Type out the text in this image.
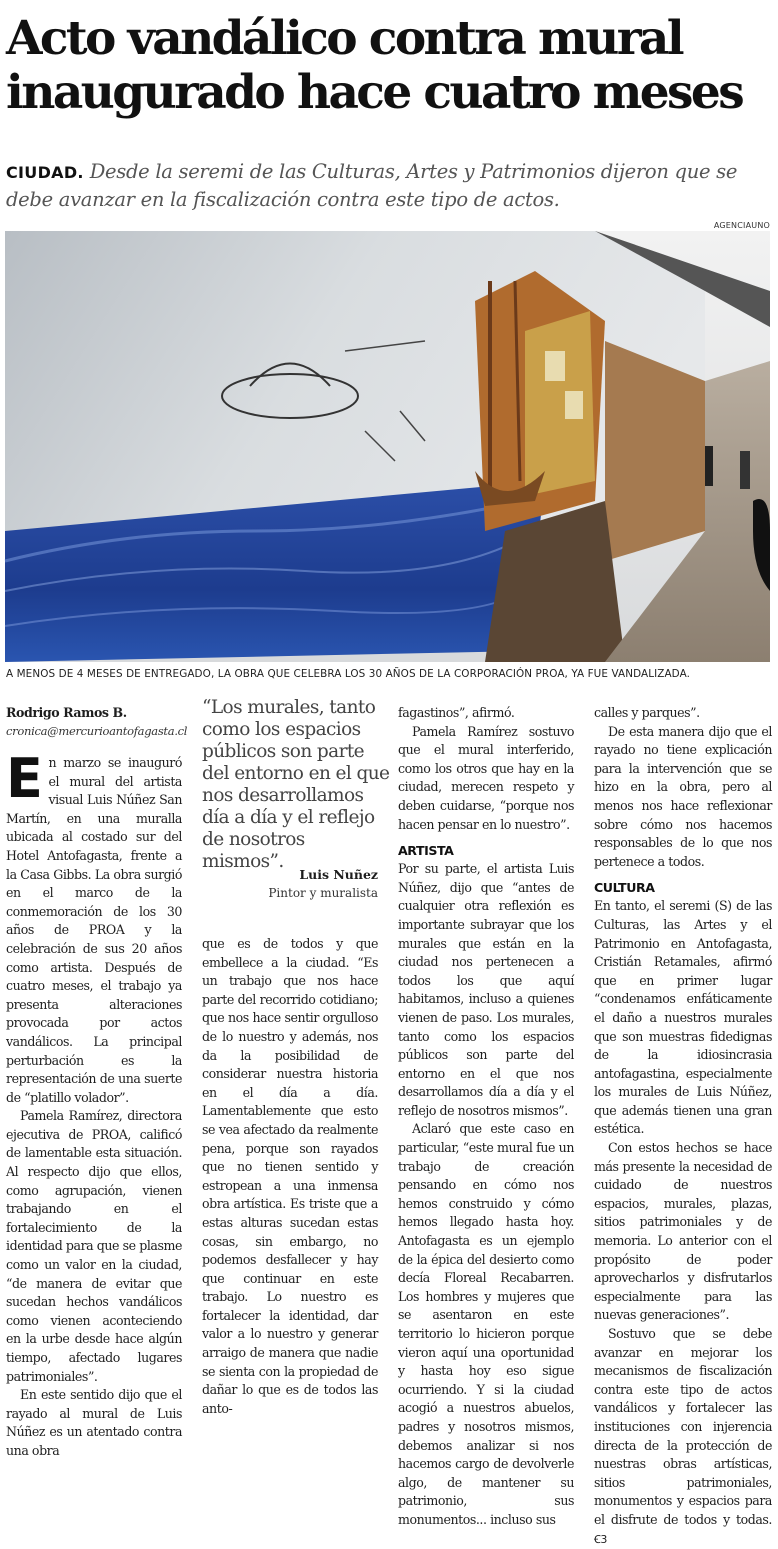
Acto vandálico contra mural inaugurado hace cuatro meses
CIUDAD. Desde la seremi de las Culturas, Artes y Patrimonios dijeron que se debe avanzar en la fiscalización contra este tipo de actos.
AGENCIAUNO
A MENOS DE 4 MESES DE ENTREGADO, LA OBRA QUE CELEBRA LOS 30 AÑOS DE LA CORPORACIÓN PROA, YA FUE VANDALIZADA.
Rodrigo Ramos B.
cronica@mercurioantofagasta.cl

En marzo se inauguró el mural del artista visual Luis Núñez San Martín, en una muralla ubicada al costado sur del Hotel Antofagasta, frente a la Casa Gibbs. La obra surgió en el marco de la conmemoración de los 30 años de PROA y la celebración de sus 20 años como artista. Después de cuatro meses, el trabajo ya presenta alteraciones provocada por actos vandálicos. La principal perturbación es la representación de una suerte de “platillo volador”.

Pamela Ramírez, directora ejecutiva de PROA, calificó de lamentable esta situación. Al respecto dijo que ellos, como agrupación, vienen trabajando en el fortalecimiento de la identidad para que se plasme como un valor en la ciudad, “de manera de evitar que sucedan hechos vandálicos como vienen aconteciendo en la urbe desde hace algún tiempo, afectado lugares patrimoniales”.

En este sentido dijo que el rayado al mural de Luis Núñez es un atentado contra una obra

“Los murales, tanto como los espacios públicos son parte del entorno en el que nos desarrollamos día a día y el reflejo de nosotros mismos”.
Luis Nuñez
Pintor y muralista

que es de todos y que embellece a la ciudad. “Es un trabajo que nos hace parte del recorrido cotidiano; que nos hace sentir orgulloso de lo nuestro y además, nos da la posibilidad de considerar nuestra historia en el día a día. Lamentablemente que esto se vea afectado da realmente pena, porque son rayados que no tienen sentido y estropean a una inmensa obra artística. Es triste que a estas alturas sucedan estas cosas, sin embargo, no podemos desfallecer y hay que continuar en este trabajo. Lo nuestro es fortalecer la identidad, dar valor a lo nuestro y generar arraigo de manera que nadie se sienta con la propiedad de dañar lo que es de todos las anto-

fagastinos”, afirmó.

Pamela Ramírez sostuvo que el mural interferido, como los otros que hay en la ciudad, merecen respeto y deben cuidarse, “porque nos hacen pensar en lo nuestro”.

ARTISTA

Por su parte, el artista Luis Núñez, dijo que “antes de cualquier otra reflexión es importante subrayar que los murales que están en la ciudad nos pertenecen a todos los que aquí habitamos, incluso a quienes vienen de paso. Los murales, tanto como los espacios públicos son parte del entorno en el que nos desarrollamos día a día y el reflejo de nosotros mismos”.

Aclaró que este caso en particular, “este mural fue un trabajo de creación pensando en cómo nos hemos construido y cómo hemos llegado hasta hoy. Antofagasta es un ejemplo de la épica del desierto como decía Floreal Recabarren. Los hombres y mujeres que se asentaron en este territorio lo hicieron porque vieron aquí una oportunidad y hasta hoy eso sigue ocurriendo. Y si la ciudad acogió a nuestros abuelos, padres y nosotros mismos, debemos analizar si nos hacemos cargo de devolverle algo, de mantener su patrimonio, sus monumentos... incluso sus

calles y parques”.

De esta manera dijo que el rayado no tiene explicación para la intervención que se hizo en la obra, pero al menos nos hace reflexionar sobre cómo nos hacemos responsables de lo que nos pertenece a todos.

CULTURA

En tanto, el seremi (S) de las Culturas, las Artes y el Patrimonio en Antofagasta, Cristián Retamales, afirmó que en primer lugar “condenamos enfáticamente el daño a nuestros murales que son muestras fidedignas de la idiosincrasia antofagastina, especialmente los murales de Luis Núñez, que además tienen una gran estética.

Con estos hechos se hace más presente la necesidad de cuidado de nuestros espacios, murales, plazas, sitios patrimoniales y de memoria. Lo anterior con el propósito de poder aprovecharlos y disfrutarlos especialmente para las nuevas generaciones”.

Sostuvo que se debe avanzar en mejorar los mecanismos de fiscalización contra este tipo de actos vandálicos y fortalecer las instituciones con injerencia directa de la protección de nuestras obras artísticas, sitios patrimoniales, monumentos y espacios para el disfrute de todos y todas. Ꞓ3
